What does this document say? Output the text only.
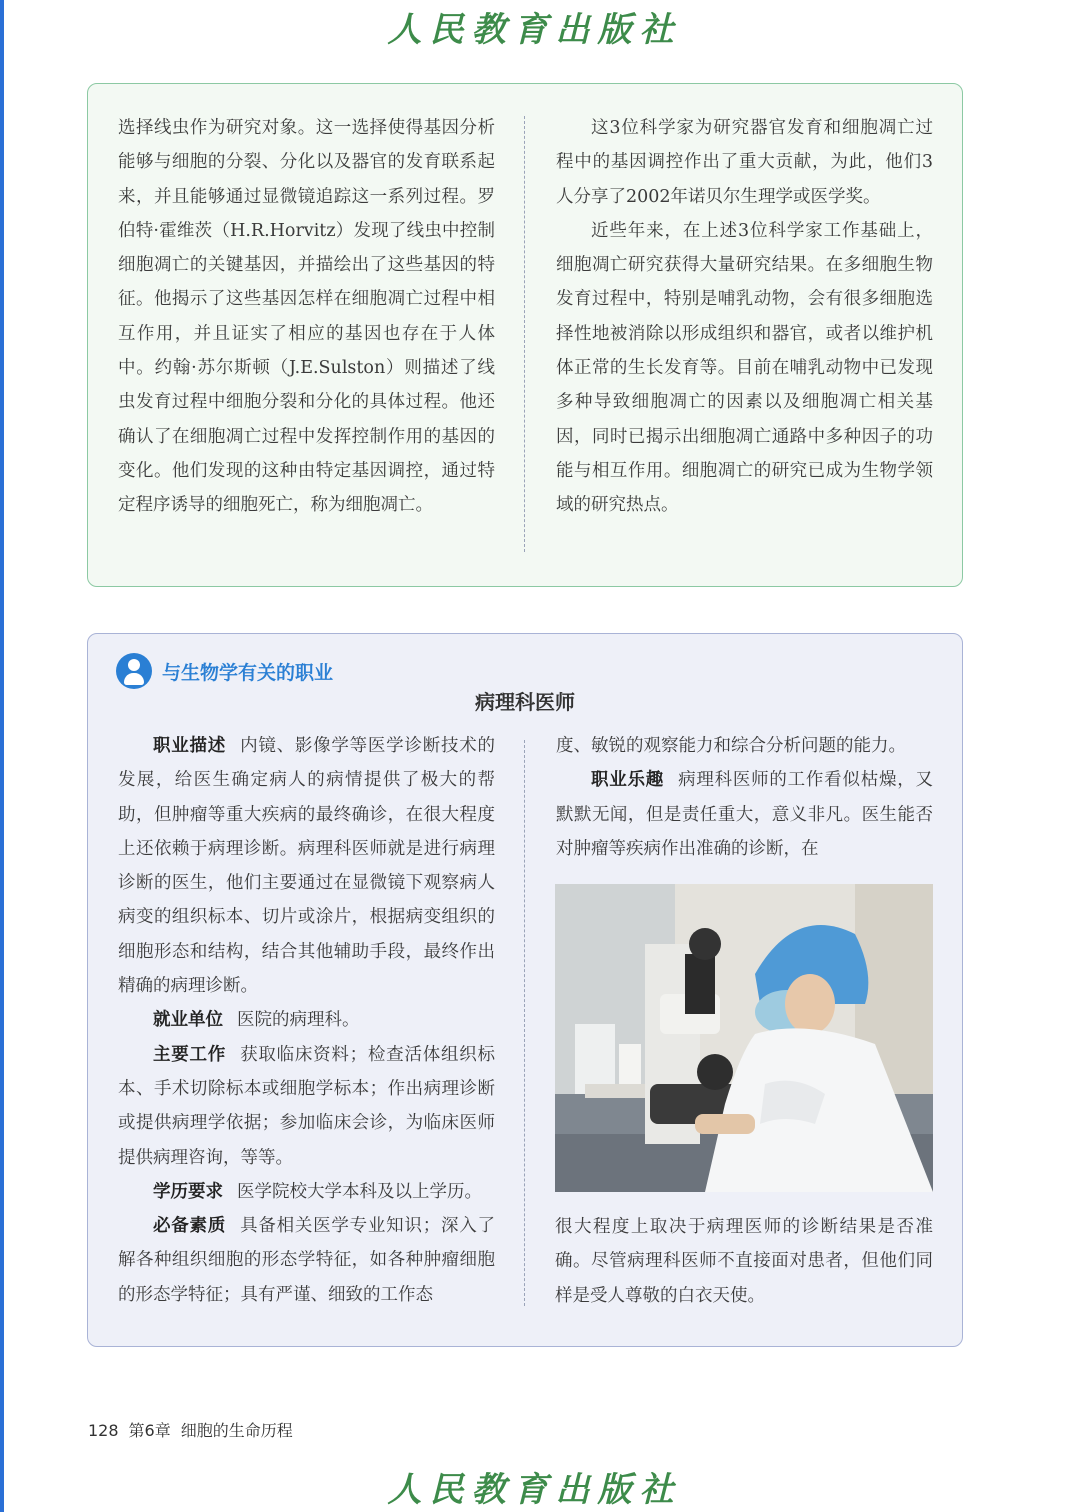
人民教育出版社

选择线虫作为研究对象。这一选择使得基因分析能够与细胞的分裂、分化以及器官的发育联系起来，并且能够通过显微镜追踪这一系列过程。罗伯特·霍维茨（H.R.Horvitz）发现了线虫中控制细胞凋亡的关键基因，并描绘出了这些基因的特征。他揭示了这些基因怎样在细胞凋亡过程中相互作用，并且证实了相应的基因也存在于人体中。约翰·苏尔斯顿（J.E.Sulston）则描述了线虫发育过程中细胞分裂和分化的具体过程。他还确认了在细胞凋亡过程中发挥控制作用的基因的变化。他们发现的这种由特定基因调控，通过特定程序诱导的细胞死亡，称为细胞凋亡。

这3位科学家为研究器官发育和细胞凋亡过程中的基因调控作出了重大贡献，为此，他们3人分享了2002年诺贝尔生理学或医学奖。

近些年来，在上述3位科学家工作基础上，细胞凋亡研究获得大量研究结果。在多细胞生物发育过程中，特别是哺乳动物，会有很多细胞选择性地被消除以形成组织和器官，或者以维护机体正常的生长发育等。目前在哺乳动物中已发现多种导致细胞凋亡的因素以及细胞凋亡相关基因，同时已揭示出细胞凋亡通路中多种因子的功能与相互作用。细胞凋亡的研究已成为生物学领域的研究热点。

与生物学有关的职业
病理科医师

职业描述 内镜、影像学等医学诊断技术的发展，给医生确定病人的病情提供了极大的帮助，但肿瘤等重大疾病的最终确诊，在很大程度上还依赖于病理诊断。病理科医师就是进行病理诊断的医生，他们主要通过在显微镜下观察病人病变的组织标本、切片或涂片，根据病变组织的细胞形态和结构，结合其他辅助手段，最终作出精确的病理诊断。

就业单位 医院的病理科。

主要工作 获取临床资料；检查活体组织标本、手术切除标本或细胞学标本；作出病理诊断或提供病理学依据；参加临床会诊，为临床医师提供病理咨询，等等。

学历要求 医学院校大学本科及以上学历。

必备素质 具备相关医学专业知识；深入了解各种组织细胞的形态学特征，如各种肿瘤细胞的形态学特征；具有严谨、细致的工作态

度、敏锐的观察能力和综合分析问题的能力。

职业乐趣 病理科医师的工作看似枯燥，又默默无闻，但是责任重大，意义非凡。医生能否对肿瘤等疾病作出准确的诊断，在

很大程度上取决于病理医师的诊断结果是否准确。尽管病理科医师不直接面对患者，但他们同样是受人尊敬的白衣天使。

128 第6章 细胞的生命历程
人民教育出版社
